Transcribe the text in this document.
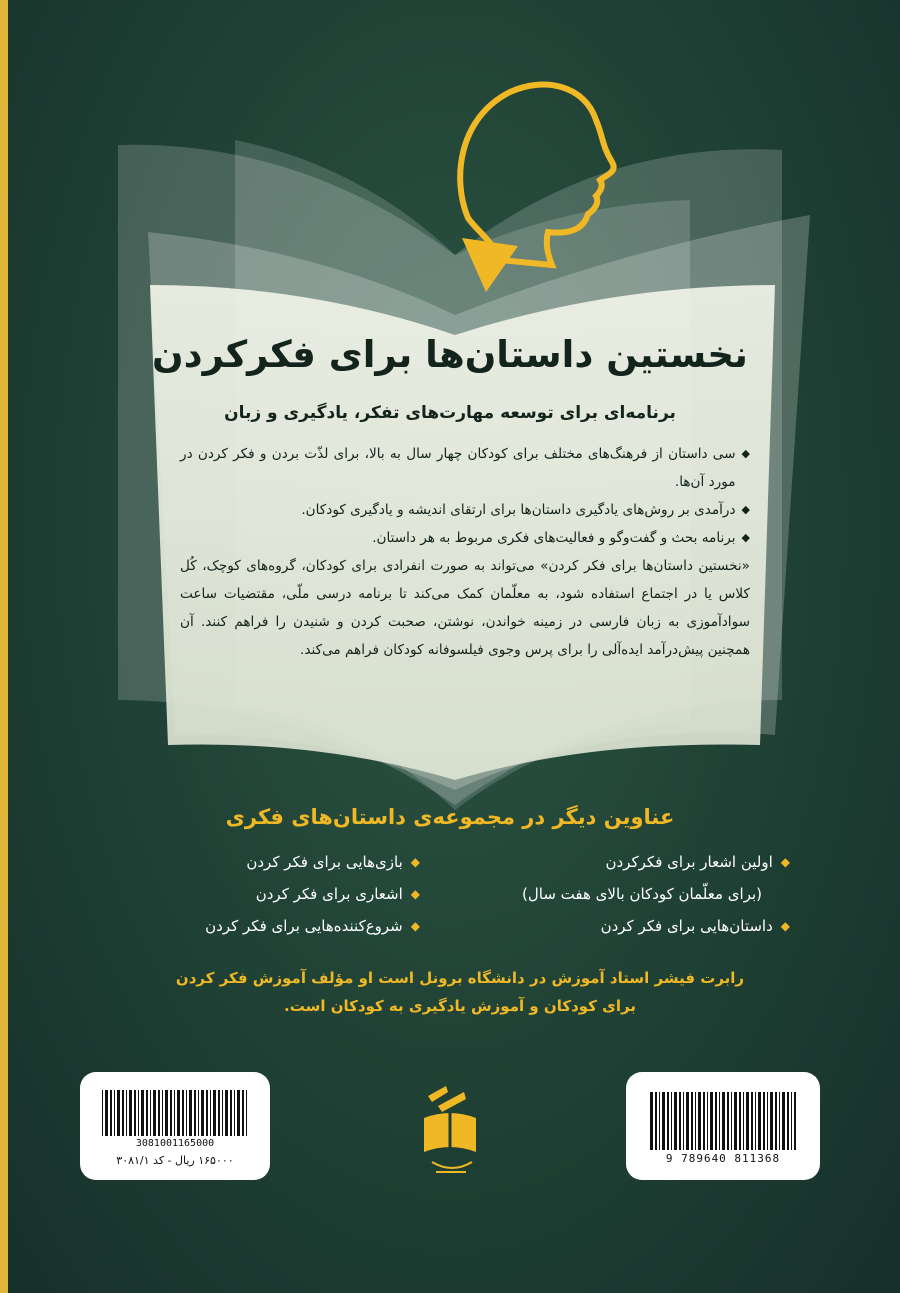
نخستین داستان‌ها برای فکرکردن
برنامه‌ای برای توسعه مهارت‌های تفکر، یادگیری و زبان
◆
سی داستان از فرهنگ‌های مختلف برای کودکان چهار سال به بالا، برای لذّت بردن و فکر کردن در مورد آن‌ها.
◆
درآمدی بر روش‌های یادگیری داستان‌ها برای ارتقای اندیشه و یادگیری کودکان.
◆
برنامه بحث و گفت‌وگو و فعالیت‌های فکری مربوط به هر داستان.

«نخستین داستان‌ها برای فکر کردن» می‌تواند به صورت انفرادی برای کودکان، گروه‌های کوچک، کُل کلاس یا در اجتماع استفاده شود، به معلّمان کمک می‌کند تا برنامه درسی ملّی، مقتضیات ساعت سوادآموزی به زبان فارسی در زمینه خواندن، نوشتن، صحبت کردن و شنیدن را فراهم کنند. آن همچنین پیش‌درآمد ایده‌آلی را برای پرس وجوی فیلسوفانه کودکان فراهم می‌کند.

عناوین دیگر در مجموعه‌ی داستان‌های فکری
◆
اولین اشعار برای فکرکردن
(برای معلّمان کودکان بالای هفت سال)
◆
داستان‌هایی برای فکر کردن
◆
بازی‌هایی برای فکر کردن
◆
اشعاری برای فکر کردن
◆
شروع‌کننده‌هایی برای فکر کردن
رابرت فیشر استاد آموزش در دانشگاه برونل است او مؤلف آموزش فکر کردن
برای کودکان و آموزش یادگیری به کودکان است.
3081001165000
۱۶۵۰۰۰ ریال - کد ۳۰۸۱/۱	9 789640 811368
